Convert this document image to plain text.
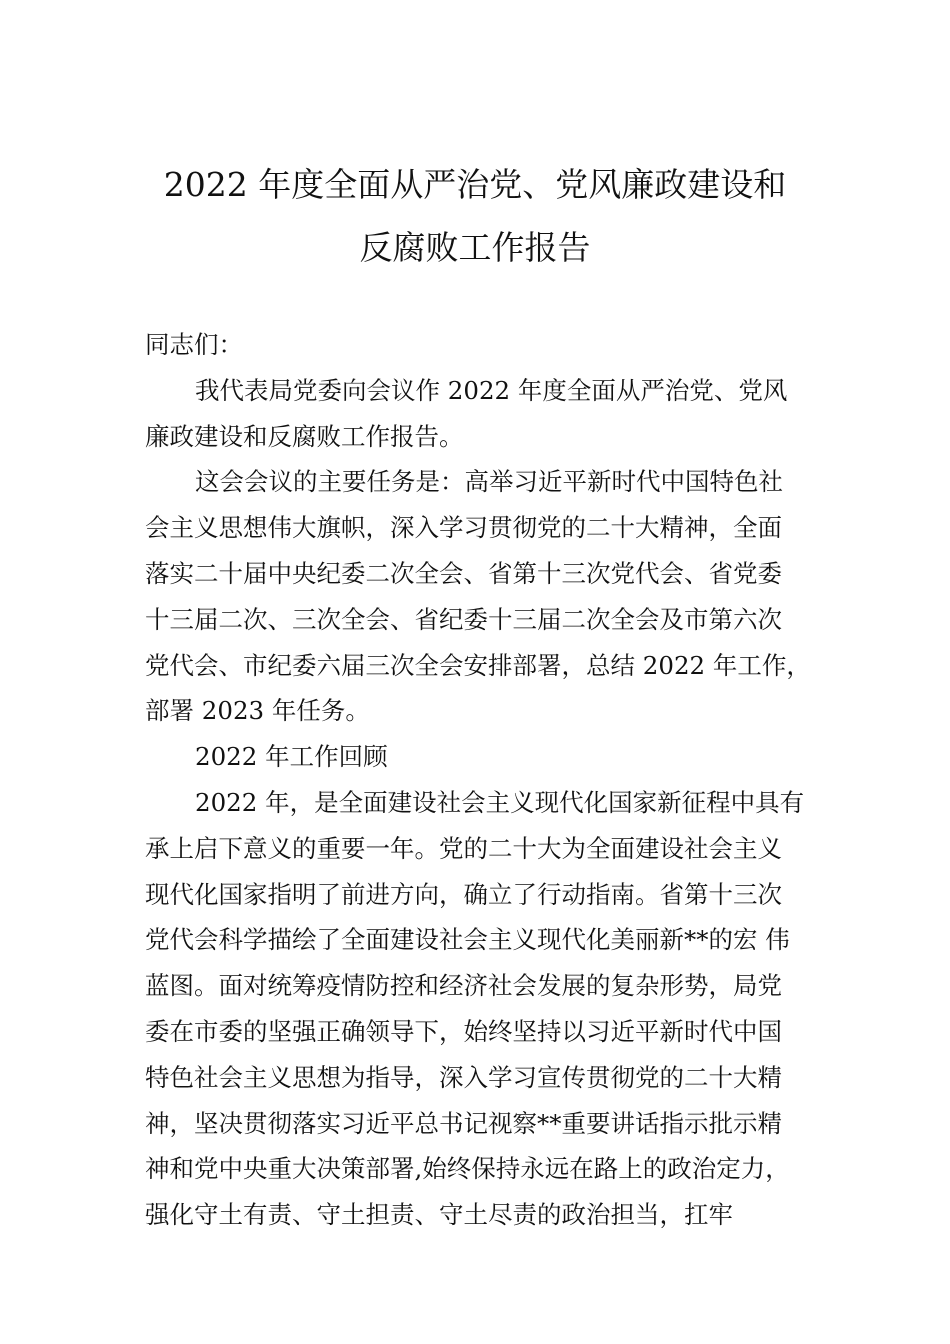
2022 年度全面从严治党、党风廉政建设和
反腐败工作报告
同志们：
我代表局党委向会议作 2022 年度全面从严治党、党风
廉政建设和反腐败工作报告。
这会会议的主要任务是：高举习近平新时代中国特色社
会主义思想伟大旗帜，深入学习贯彻党的二十大精神，全面
落实二十届中央纪委二次全会、省第十三次党代会、省党委
十三届二次、三次全会、省纪委十三届二次全会及市第六次
党代会、市纪委六届三次全会安排部署，总结 2022 年工作，
部署 2023 年任务。
2022 年工作回顾
2022 年，是全面建设社会主义现代化国家新征程中具有
承上启下意义的重要一年。党的二十大为全面建设社会主义
现代化国家指明了前进方向，确立了行动指南。省第十三次
党代会科学描绘了全面建设社会主义现代化美丽新**的宏 伟
蓝图。面对统筹疫情防控和经济社会发展的复杂形势，局党
委在市委的坚强正确领导下，始终坚持以习近平新时代中国
特色社会主义思想为指导，深入学习宣传贯彻党的二十大精
神，坚决贯彻落实习近平总书记视察**重要讲话指示批示精
神和党中央重大决策部署,始终保持永远在路上的政治定力，
强化守土有责、守土担责、守土尽责的政治担当，扛牢
